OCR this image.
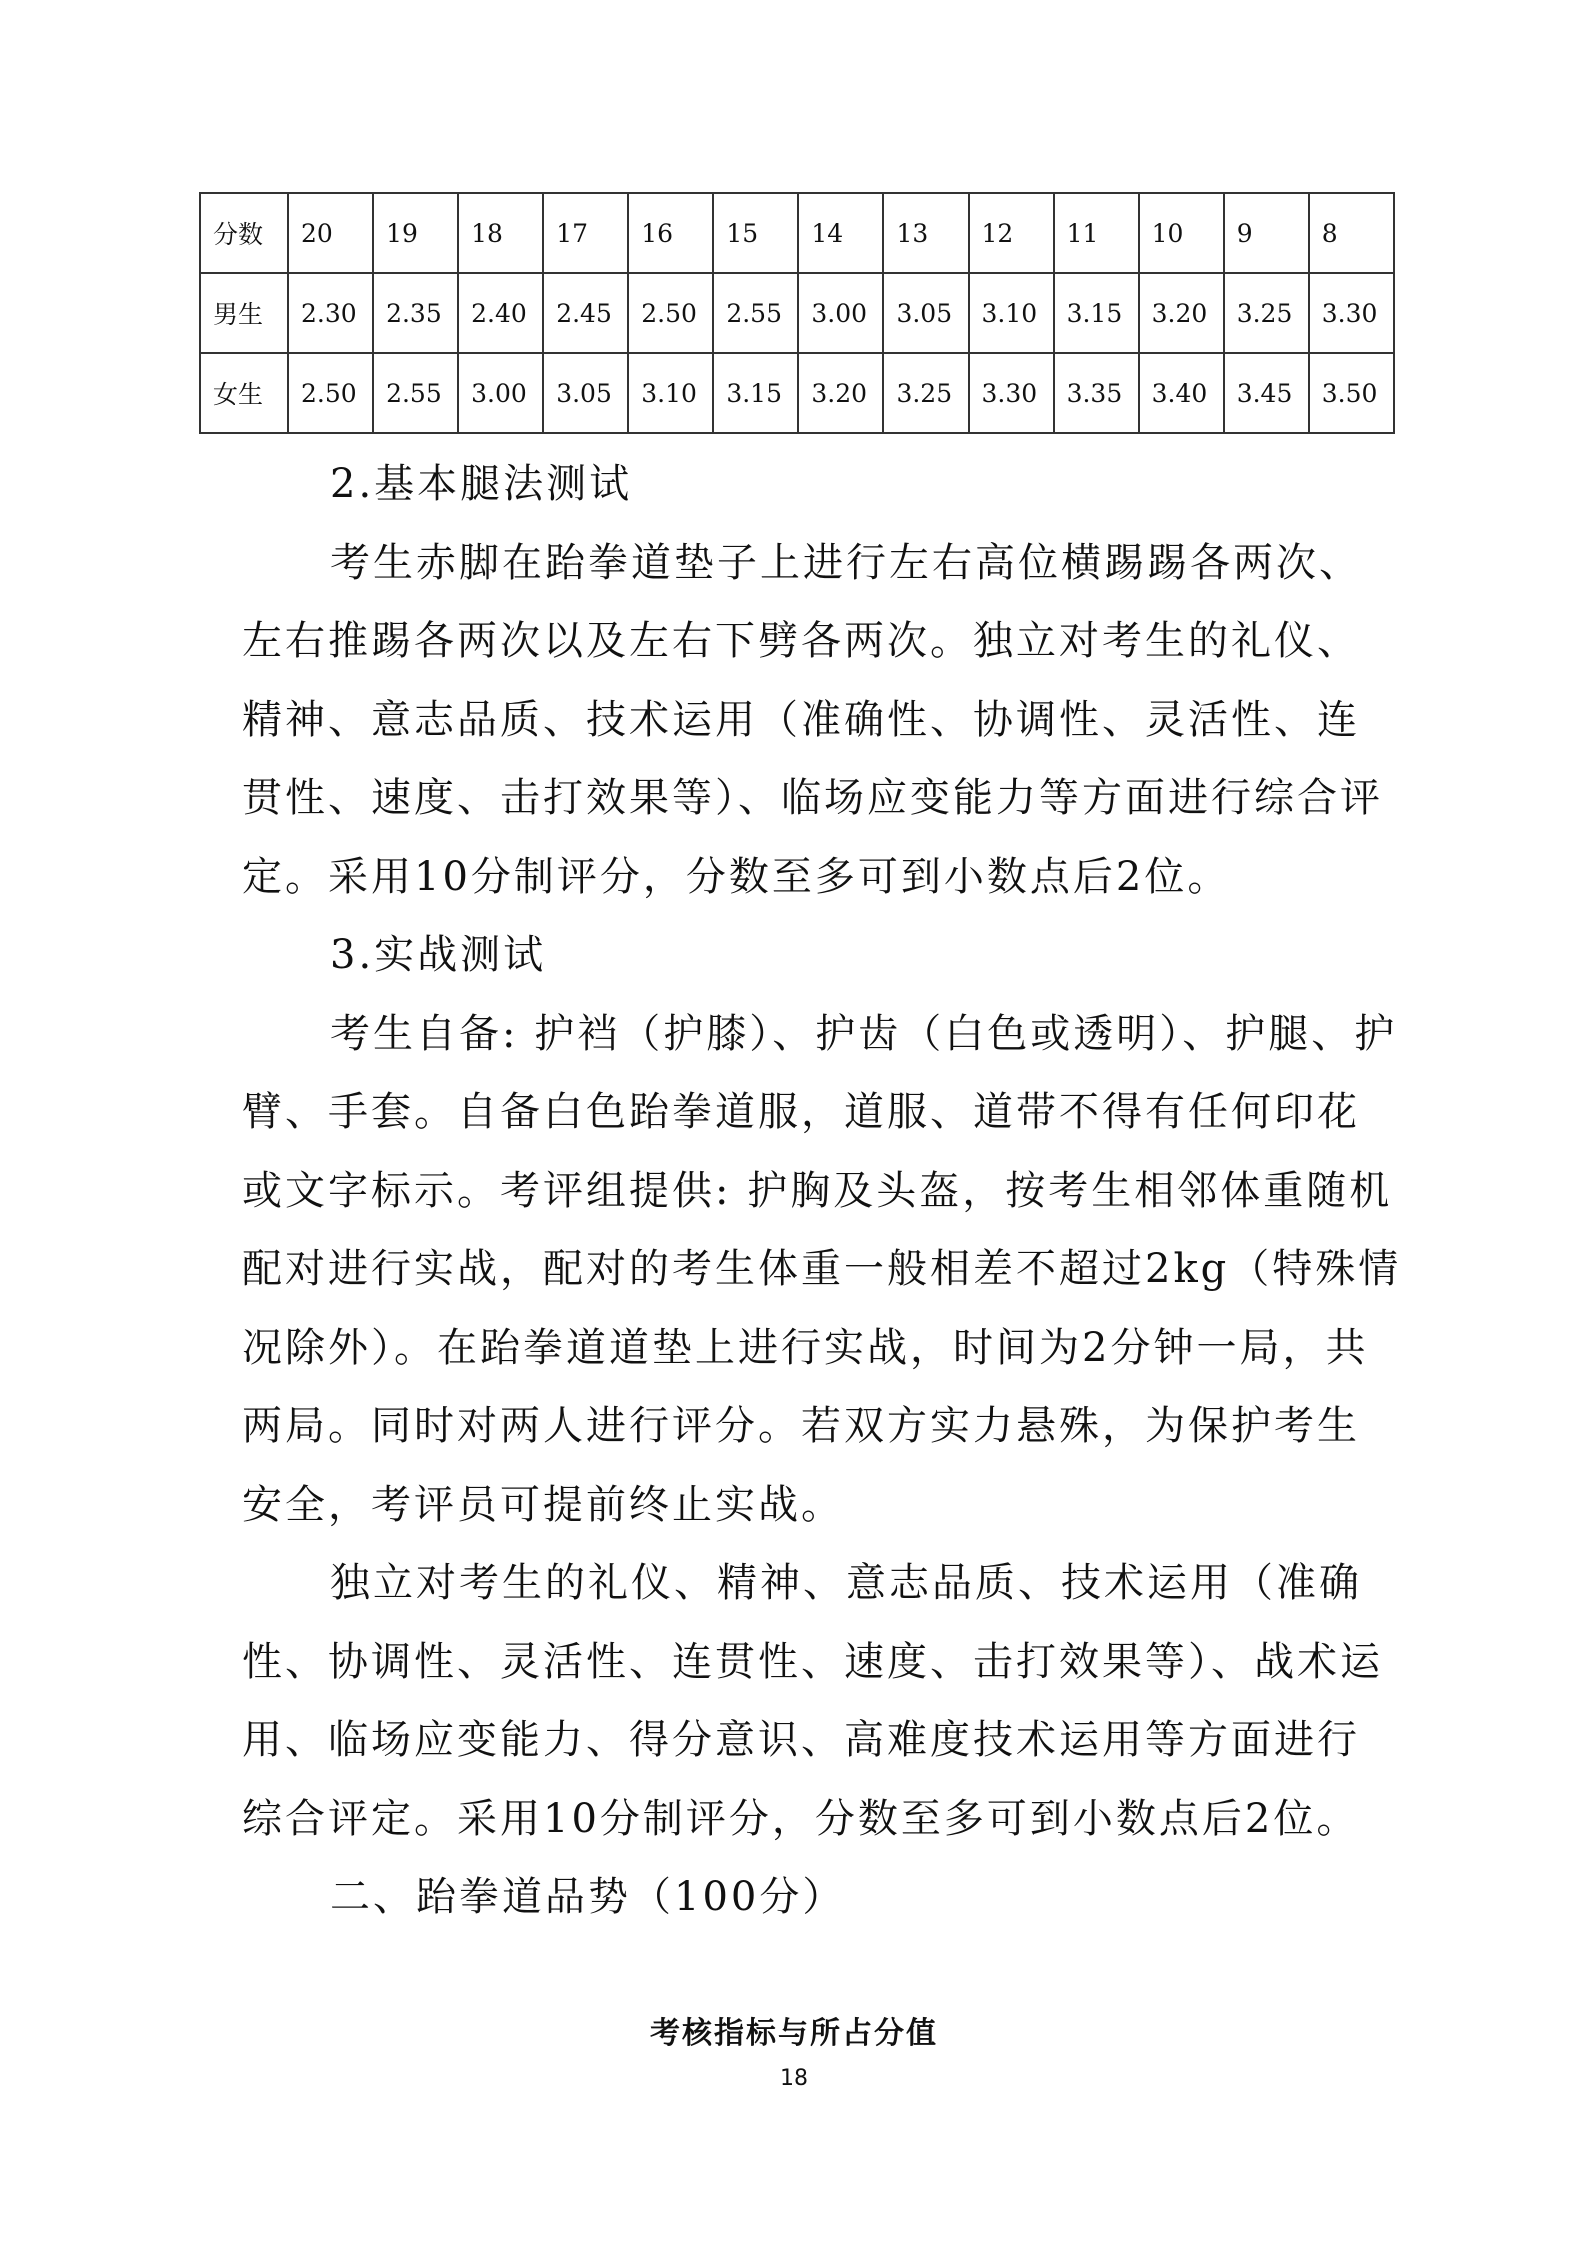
分数	20	19	18	17	16	15	14	13	12	11	10	9	8
男生	2.30	2.35	2.40	2.45	2.50	2.55	3.00	3.05	3.10	3.15	3.20	3.25	3.30
女生	2.50	2.55	3.00	3.05	3.10	3.15	3.20	3.25	3.30	3.35	3.40	3.45	3.50

2.基本腿法测试

考生赤脚在跆拳道垫子上进行左右高位横踢踢各两次、左右推踢各两次以及左右下劈各两次。独立对考生的礼仪、精神、意志品质、技术运用（准确性、协调性、灵活性、连贯性、速度、击打效果等）、临场应变能力等方面进行综合评定。采用10分制评分，分数至多可到小数点后2位。

3.实战测试

考生自备: 护裆（护膝）、护齿（白色或透明）、护腿、护臂、手套。自备白色跆拳道服，道服、道带不得有任何印花或文字标示。考评组提供: 护胸及头盔，按考生相邻体重随机配对进行实战，配对的考生体重一般相差不超过2kg（特殊情况除外）。在跆拳道道垫上进行实战，时间为2分钟一局，共两局。同时对两人进行评分。若双方实力悬殊，为保护考生安全，考评员可提前终止实战。

独立对考生的礼仪、精神、意志品质、技术运用（准确性、协调性、灵活性、连贯性、速度、击打效果等）、战术运用、临场应变能力、得分意识、高难度技术运用等方面进行综合评定。采用10分制评分，分数至多可到小数点后2位。

二、跆拳道品势（100分）

考核指标与所占分值
18
